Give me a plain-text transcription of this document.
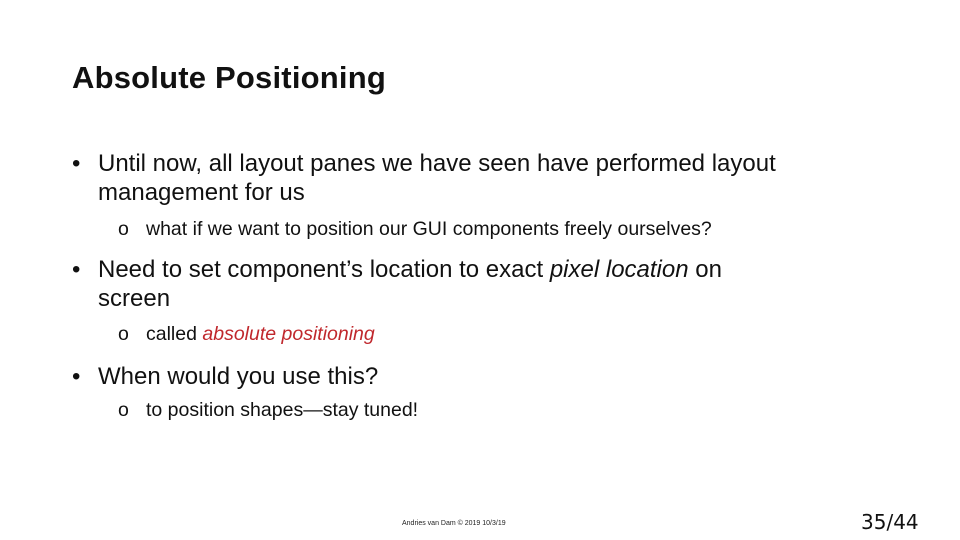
Absolute Positioning
• Until now, all layout panes we have seen have performed layout
management for us
o what if we want to position our GUI components freely ourselves?
• Need to set component’s location to exact pixel location on
screen
o called absolute positioning
• When would you use this?
o to position shapes—stay tuned!
Andries van Dam © 2019 10/3/19	35/44
